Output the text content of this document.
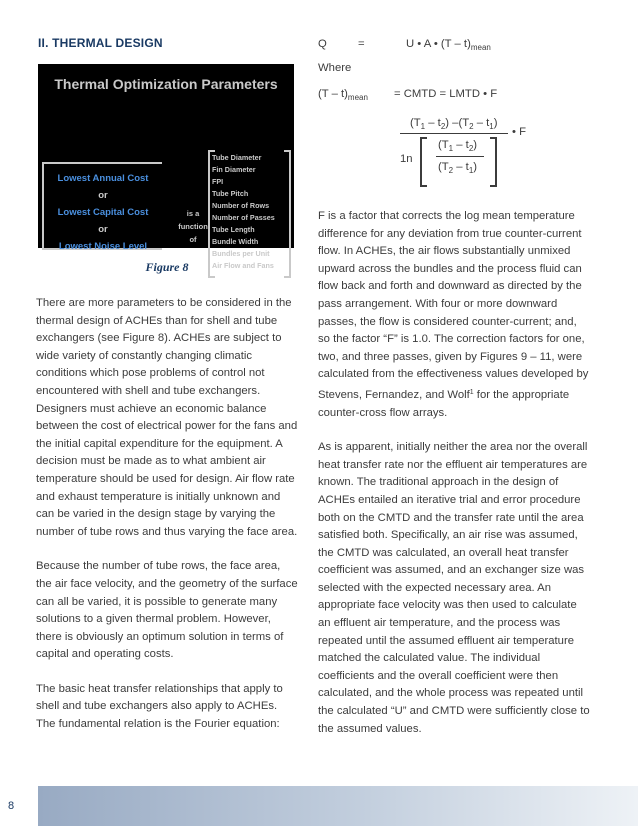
II. THERMAL DESIGN
Thermal Optimization Parameters
Lowest Annual Cost
or
Lowest Capital Cost
or
Lowest Noise Level
is a
function
of
Tube Diameter
Fin Diameter
FPI
Tube Pitch
Number of Rows
Number of Passes
Tube Length
Bundle Width
Bundles per Unit
Air Flow and Fans
Figure 8

There are more parameters to be considered in the thermal design of ACHEs than for shell and tube exchangers (see Figure 8). ACHEs are subject to wide variety of constantly changing climatic conditions which pose problems of control not encountered with shell and tube exchangers. Designers must achieve an economic balance between the cost of electrical power for the fans and the initial capital expenditure for the equipment. A decision must be made as to what ambient air temperature should be used for design. Air flow rate and exhaust temperature is initially unknown and can be varied in the design stage by varying the number of tube rows and thus varying the face area.

Because the number of tube rows, the face area, the air face velocity, and the geometry of the surface can all be varied, it is possible to generate many solutions to a given thermal problem. However, there is obviously an optimum solution in terms of capital and operating costs.

The basic heat transfer relationships that apply to shell and tube exchangers also apply to ACHEs. The fundamental relation is the Fourier equation:

Q	=	U • A • $(T - t)_{mean}$
Where
$(T - t)_{mean}$ = CMTD = LMTD • F
$(T_1 - t_2)$ $-(T_2 - t_1)$
• F
1n
$(T_1 - t_2)$
$(T_2 - t_1)$

F is a factor that corrects the log mean temperature difference for any deviation from true counter-current flow. In ACHEs, the air flows substantially unmixed upward across the bundles and the process fluid can flow back and forth and downward as directed by the pass arrangement. With four or more downward passes, the flow is considered counter-current; and, so the factor “F” is 1.0. The correction factors for one, two, and three passes, given by Figures 9 – 11, were calculated from the effectiveness values developed by Stevens, Fernandez, and Wolf$^1$ for the appropriate counter-cross flow arrays.

As is apparent, initially neither the area nor the overall heat transfer rate nor the effluent air temperatures are known. The traditional approach in the design of ACHEs entailed an iterative trial and error procedure both on the CMTD and the transfer rate until the area satisfied both. Specifically, an air rise was assumed, the CMTD was calculated, an overall heat transfer coefficient was assumed, and an exchanger size was selected with the expected necessary area. An appropriate face velocity was then used to calculate an effluent air temperature, and the process was repeated until the assumed effluent air temperature matched the calculated value. The individual coefficients and the overall coefficient were then calculated, and the whole process was repeated until the calculated “U” and CMTD were sufficiently close to the assumed values.

8
